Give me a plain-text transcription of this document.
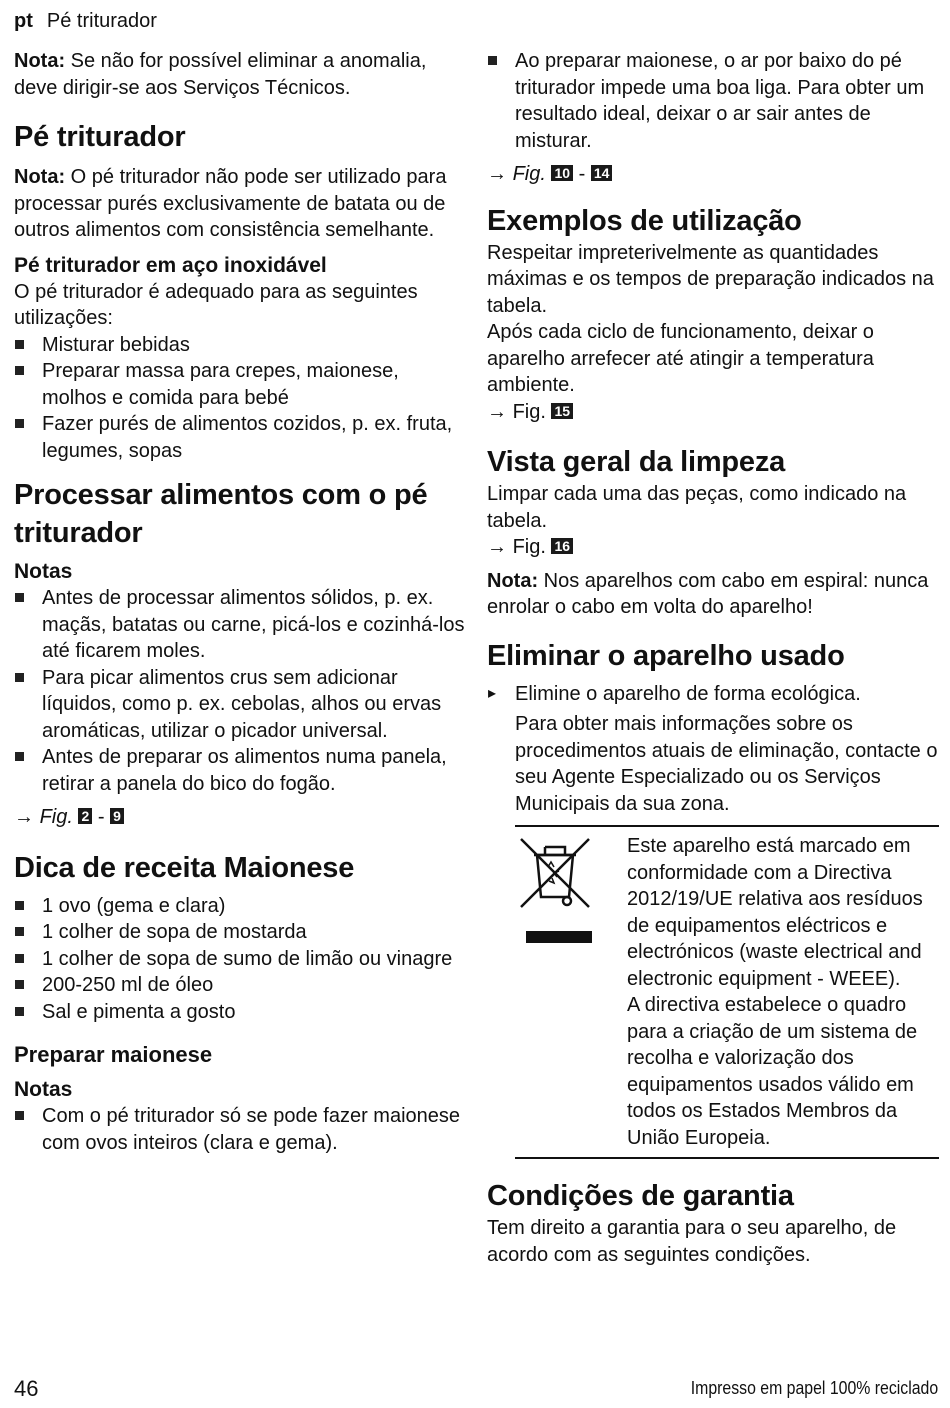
pt Pé triturador

Nota: Se não for possível eliminar a anomalia, deve dirigir-se aos Serviços Técnicos.

Pé triturador

Nota: O pé triturador não pode ser utilizado para processar purés exclusivamente de batata ou de outros alimentos com consistência semelhante.

Pé triturador em aço inoxidável

O pé triturador é adequado para as seguintes utilizações:

Misturar bebidas
Preparar massa para crepes, maionese, molhos e comida para bebé
Fazer purés de alimentos cozidos, p. ex. fruta, legumes, sopas
Processar alimentos com o pé triturador
Notas
Antes de processar alimentos sólidos, p. ex. maçãs, batatas ou carne, picá-los e cozinhá-los até ficarem moles.
Para picar alimentos crus sem adicionar líquidos, como p. ex. cebolas, alhos ou ervas aromáticas, utilizar o picador universal.
Antes de preparar os alimentos numa panela, retirar a panela do bico do fogão.

→ Fig. 2 - 9

Dica de receita Maionese
1 ovo (gema e clara)
1 colher de sopa de mostarda
1 colher de sopa de sumo de limão ou vinagre
200-250 ml de óleo
Sal e pimenta a gosto
Preparar maionese
Notas
Com o pé triturador só se pode fazer maionese com ovos inteiros (clara e gema).
Ao preparar maionese, o ar por baixo do pé triturador impede uma boa liga. Para obter um resultado ideal, deixar o ar sair antes de misturar.

→ Fig. 10 - 14

Exemplos de utilização

Respeitar impreterivelmente as quantidades máximas e os tempos de preparação indicados na tabela.

Após cada ciclo de funcionamento, deixar o aparelho arrefecer até atingir a temperatura ambiente.

→ Fig. 15

Vista geral da limpeza

Limpar cada uma das peças, como indicado na tabela.

→ Fig. 16

Nota: Nos aparelhos com cabo em espiral: nunca enrolar o cabo em volta do aparelho!

Eliminar o aparelho usado
▸ Elimine o aparelho de forma ecológica.

Para obter mais informações sobre os procedimentos atuais de eliminação, contacte o seu Agente Especializado ou os Serviços Municipais da sua zona.

Este aparelho está marcado em conformidade com a Directiva 2012/19/UE relativa aos resíduos de equipamentos eléctricos e electrónicos (waste electrical and electronic equipment - WEEE).

A directiva estabelece o quadro para a criação de um sistema de recolha e valorização dos equipamentos usados válido em todos os Estados Membros da União Europeia.

Condições de garantia

Tem direito a garantia para o seu aparelho, de acordo com as seguintes condições.

46	Impresso em papel 100% reciclado
